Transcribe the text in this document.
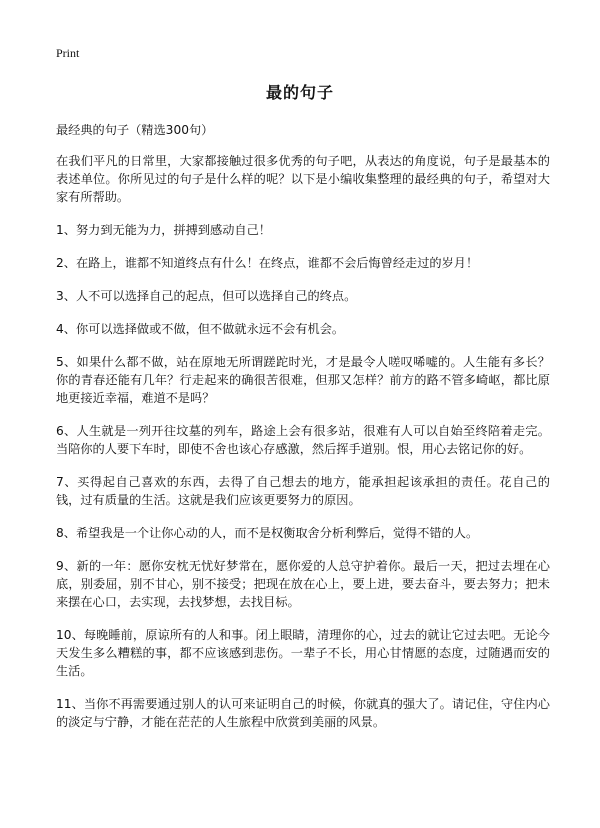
Print
最的句子

最经典的句子（精选300句）

在我们平凡的日常里，大家都接触过很多优秀的句子吧，从表达的角度说，句子是最基本的表述单位。你所见过的句子是什么样的呢？以下是小编收集整理的最经典的句子，希望对大家有所帮助。

1、努力到无能为力，拼搏到感动自己！

2、在路上，谁都不知道终点有什么！在终点，谁都不会后悔曾经走过的岁月！

3、人不可以选择自己的起点，但可以选择自己的终点。

4、你可以选择做或不做，但不做就永远不会有机会。

5、如果什么都不做，站在原地无所谓蹉跎时光，才是最令人嗟叹唏嘘的。人生能有多长？你的青春还能有几年？行走起来的确很苦很难，但那又怎样？前方的路不管多崎岖，都比原地更接近幸福，难道不是吗？

6、人生就是一列开往坟墓的列车，路途上会有很多站，很难有人可以自始至终陪着走完。当陪你的人要下车时，即使不舍也该心存感激，然后挥手道别。恨，用心去铭记你的好。

7、买得起自己喜欢的东西，去得了自己想去的地方，能承担起该承担的责任。花自己的钱，过有质量的生活。这就是我们应该更要努力的原因。

8、希望我是一个让你心动的人，而不是权衡取舍分析利弊后，觉得不错的人。

9、新的一年：愿你安枕无忧好梦常在，愿你爱的人总守护着你。最后一天，把过去埋在心底，别委屈，别不甘心，别不接受；把现在放在心上，要上进，要去奋斗，要去努力；把未来摆在心口，去实现，去找梦想，去找目标。

10、每晚睡前，原谅所有的人和事。闭上眼睛，清理你的心，过去的就让它过去吧。无论今天发生多么糟糕的事，都不应该感到悲伤。一辈子不长，用心甘情愿的态度，过随遇而安的生活。

11、当你不再需要通过别人的认可来证明自己的时候，你就真的强大了。请记住，守住内心的淡定与宁静，才能在茫茫的人生旅程中欣赏到美丽的风景。
